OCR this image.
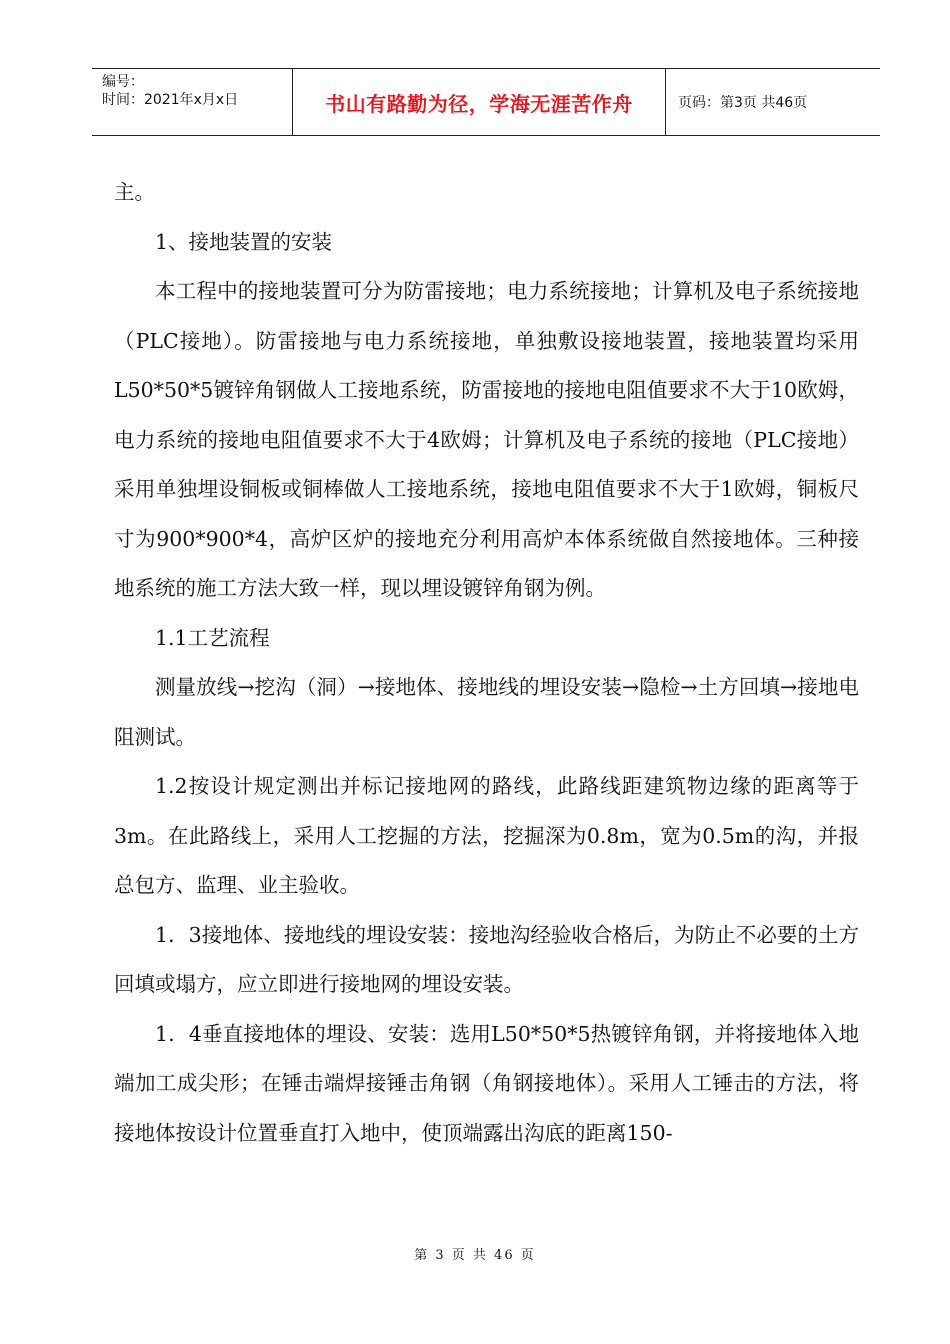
编号：
时间：2021年x月x日	书山有路勤为径，学海无涯苦作舟	页码：第3页 共46页

主。

1、接地装置的安装

本工程中的接地装置可分为防雷接地；电力系统接地；计算机及电子系统接地（PLC接地）。防雷接地与电力系统接地，单独敷设接地装置，接地装置均采用L50*50*5镀锌角钢做人工接地系统，防雷接地的接地电阻值要求不大于10欧姆，电力系统的接地电阻值要求不大于4欧姆；计算机及电子系统的接地（PLC接地）采用单独埋设铜板或铜棒做人工接地系统，接地电阻值要求不大于1欧姆，铜板尺寸为900*900*4，高炉区炉的接地充分利用高炉本体系统做自然接地体。三种接地系统的施工方法大致一样，现以埋设镀锌角钢为例。

1.1工艺流程

测量放线→挖沟（洞）→接地体、接地线的埋设安装→隐检→土方回填→接地电阻测试。

1.2按设计规定测出并标记接地网的路线，此路线距建筑物边缘的距离等于3m。在此路线上，采用人工挖掘的方法，挖掘深为0.8m，宽为0.5m的沟，并报总包方、监理、业主验收。

1．3接地体、接地线的埋设安装：接地沟经验收合格后，为防止不必要的土方回填或塌方，应立即进行接地网的埋设安装。

1．4垂直接地体的埋设、安装：选用L50*50*5热镀锌角钢，并将接地体入地端加工成尖形；在锤击端焊接锤击角钢（角钢接地体）。采用人工锤击的方法，将接地体按设计位置垂直打入地中，使顶端露出沟底的距离150-

第 3 页 共 46 页
